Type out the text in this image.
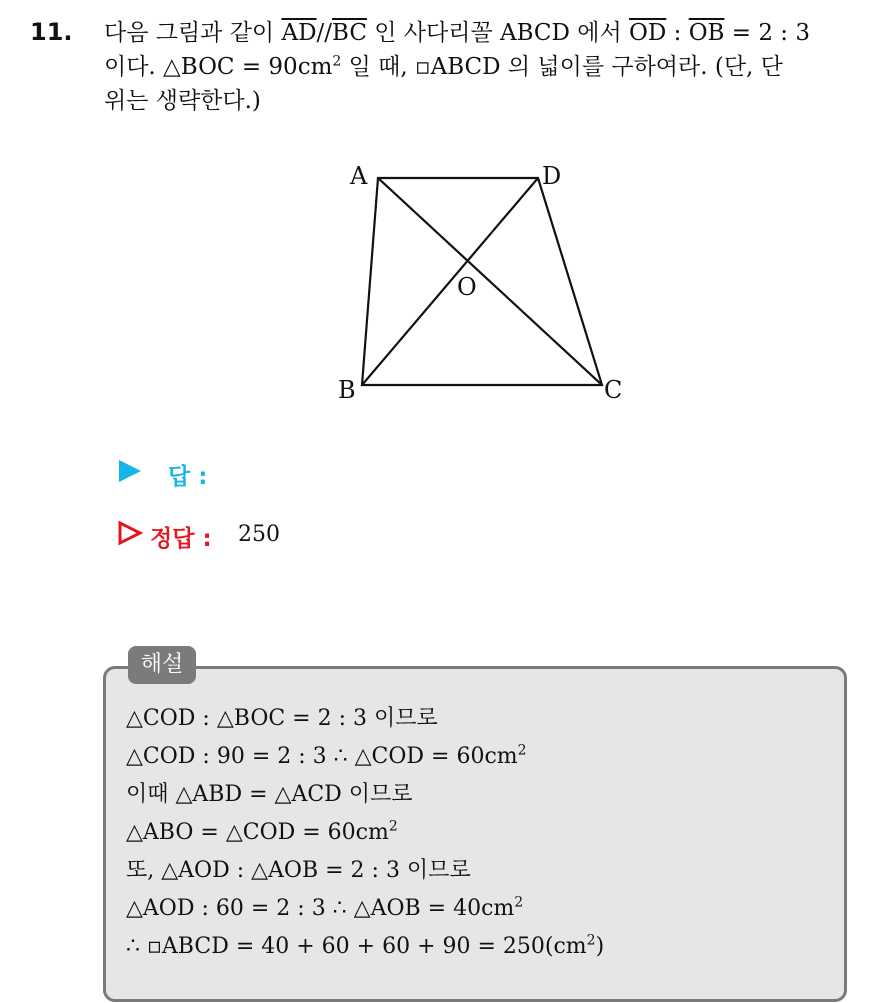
11. 다음 그림과 같이 $\overline{AD}//\overline{BC}$ 인 사다리꼴 ABCD 에서 $\overline{OD}$ : $\overline{OB} = 2$ : 3
이다. △BOC = $90cm^2$ 일 때, ▫ABCD 의 넓이를 구하여라. (단, 단
위는 생략한다.)
A	D
O
B	C
답 :
정답 : 250
해설
△COD : △BOC = 2 : 3 이므로
△COD : 90 = 2 : 3 ∴ △COD = $60cm^2$
이때 △ABD = △ACD 이므로
△ABO = △COD = $60cm^2$
또, △AOD : △AOB = 2 : 3 이므로
△AOD : 60 = 2 : 3 ∴ △AOB = $40cm^2$
∴ ▫ABCD = $40 + 60 + 60 + 90 = 250(cm^2)$
